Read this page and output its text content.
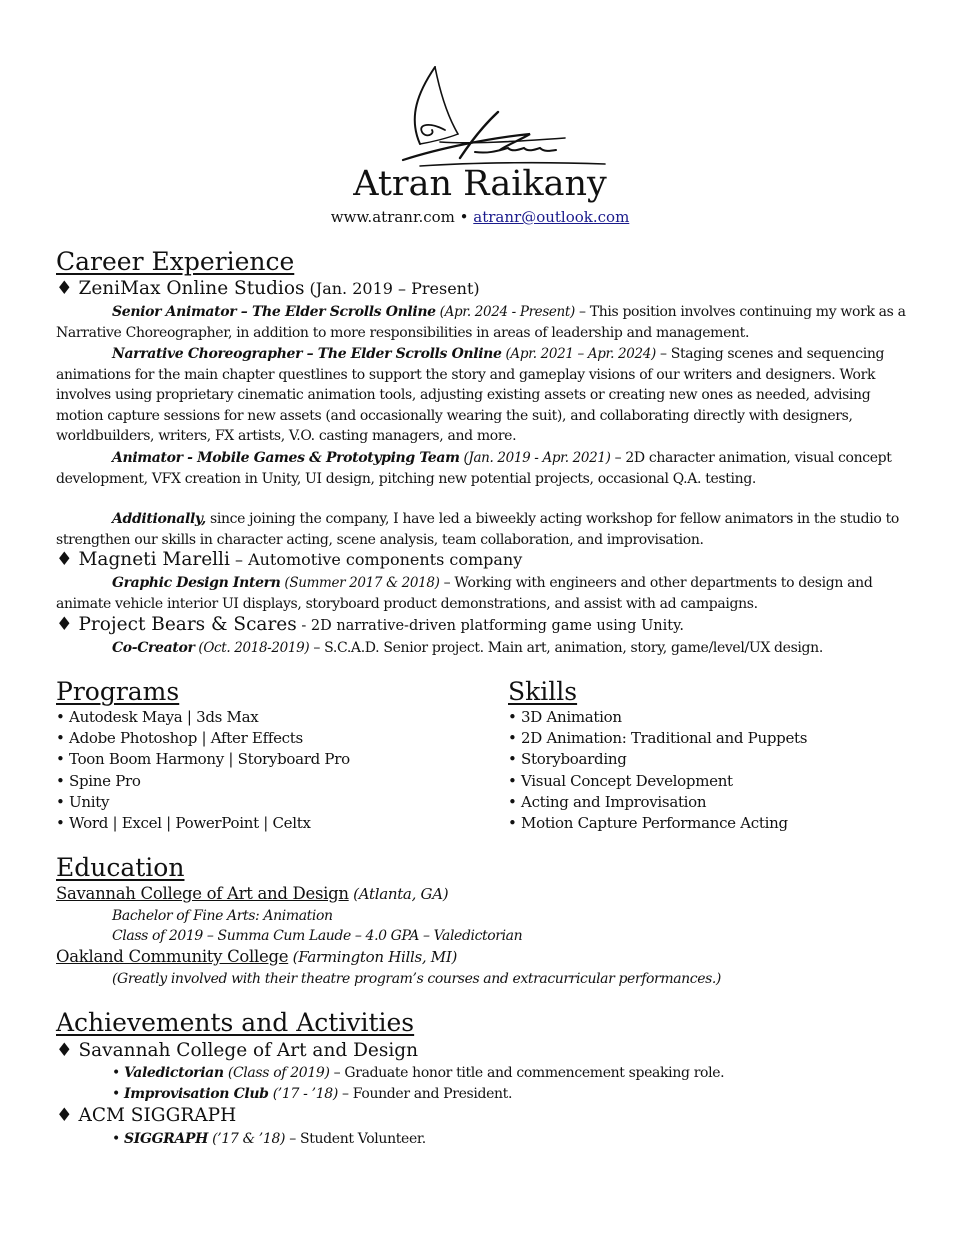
Atran Raikany
www.atranr.com • atranr@outlook.com
Career Experience
♦ ZeniMax Online Studios (Jan. 2019 – Present)
Senior Animator – The Elder Scrolls Online (Apr. 2024 - Present) – This position involves continuing my work as a Narrative Choreographer, in addition to more responsibilities in areas of leadership and management.
Narrative Choreographer – The Elder Scrolls Online (Apr. 2021 – Apr. 2024) – Staging scenes and sequencing animations for the main chapter questlines to support the story and gameplay visions of our writers and designers. Work involves using proprietary cinematic animation tools, adjusting existing assets or creating new ones as needed, advising motion capture sessions for new assets (and occasionally wearing the suit), and collaborating directly with designers, worldbuilders, writers, FX artists, V.O. casting managers, and more.
Animator - Mobile Games & Prototyping Team (Jan. 2019 - Apr. 2021) – 2D character animation, visual concept development, VFX creation in Unity, UI design, pitching new potential projects, occasional Q.A. testing.
Additionally, since joining the company, I have led a biweekly acting workshop for fellow animators in the studio to strengthen our skills in character acting, scene analysis, team collaboration, and improvisation.
♦ Magneti Marelli – Automotive components company
Graphic Design Intern (Summer 2017 & 2018) – Working with engineers and other departments to design and animate vehicle interior UI displays, storyboard product demonstrations, and assist with ad campaigns.
♦ Project Bears & Scares - 2D narrative-driven platforming game using Unity.
Co-Creator (Oct. 2018-2019) – S.C.A.D. Senior project. Main art, animation, story, game/level/UX design.
Programs
• Autodesk Maya | 3ds Max
• Adobe Photoshop | After Effects
• Toon Boom Harmony | Storyboard Pro
• Spine Pro
• Unity
• Word | Excel | PowerPoint | Celtx
Skills
• 3D Animation
• 2D Animation: Traditional and Puppets
• Storyboarding
• Visual Concept Development
• Acting and Improvisation
• Motion Capture Performance Acting
Education
Savannah College of Art and Design (Atlanta, GA)
Bachelor of Fine Arts: Animation
Class of 2019 – Summa Cum Laude – 4.0 GPA – Valedictorian
Oakland Community College (Farmington Hills, MI)
(Greatly involved with their theatre program’s courses and extracurricular performances.)
Achievements and Activities
♦ Savannah College of Art and Design
• Valedictorian (Class of 2019) – Graduate honor title and commencement speaking role.
• Improvisation Club (’17 - ’18) – Founder and President.
♦ ACM SIGGRAPH
• SIGGRAPH (’17 & ’18) – Student Volunteer.
